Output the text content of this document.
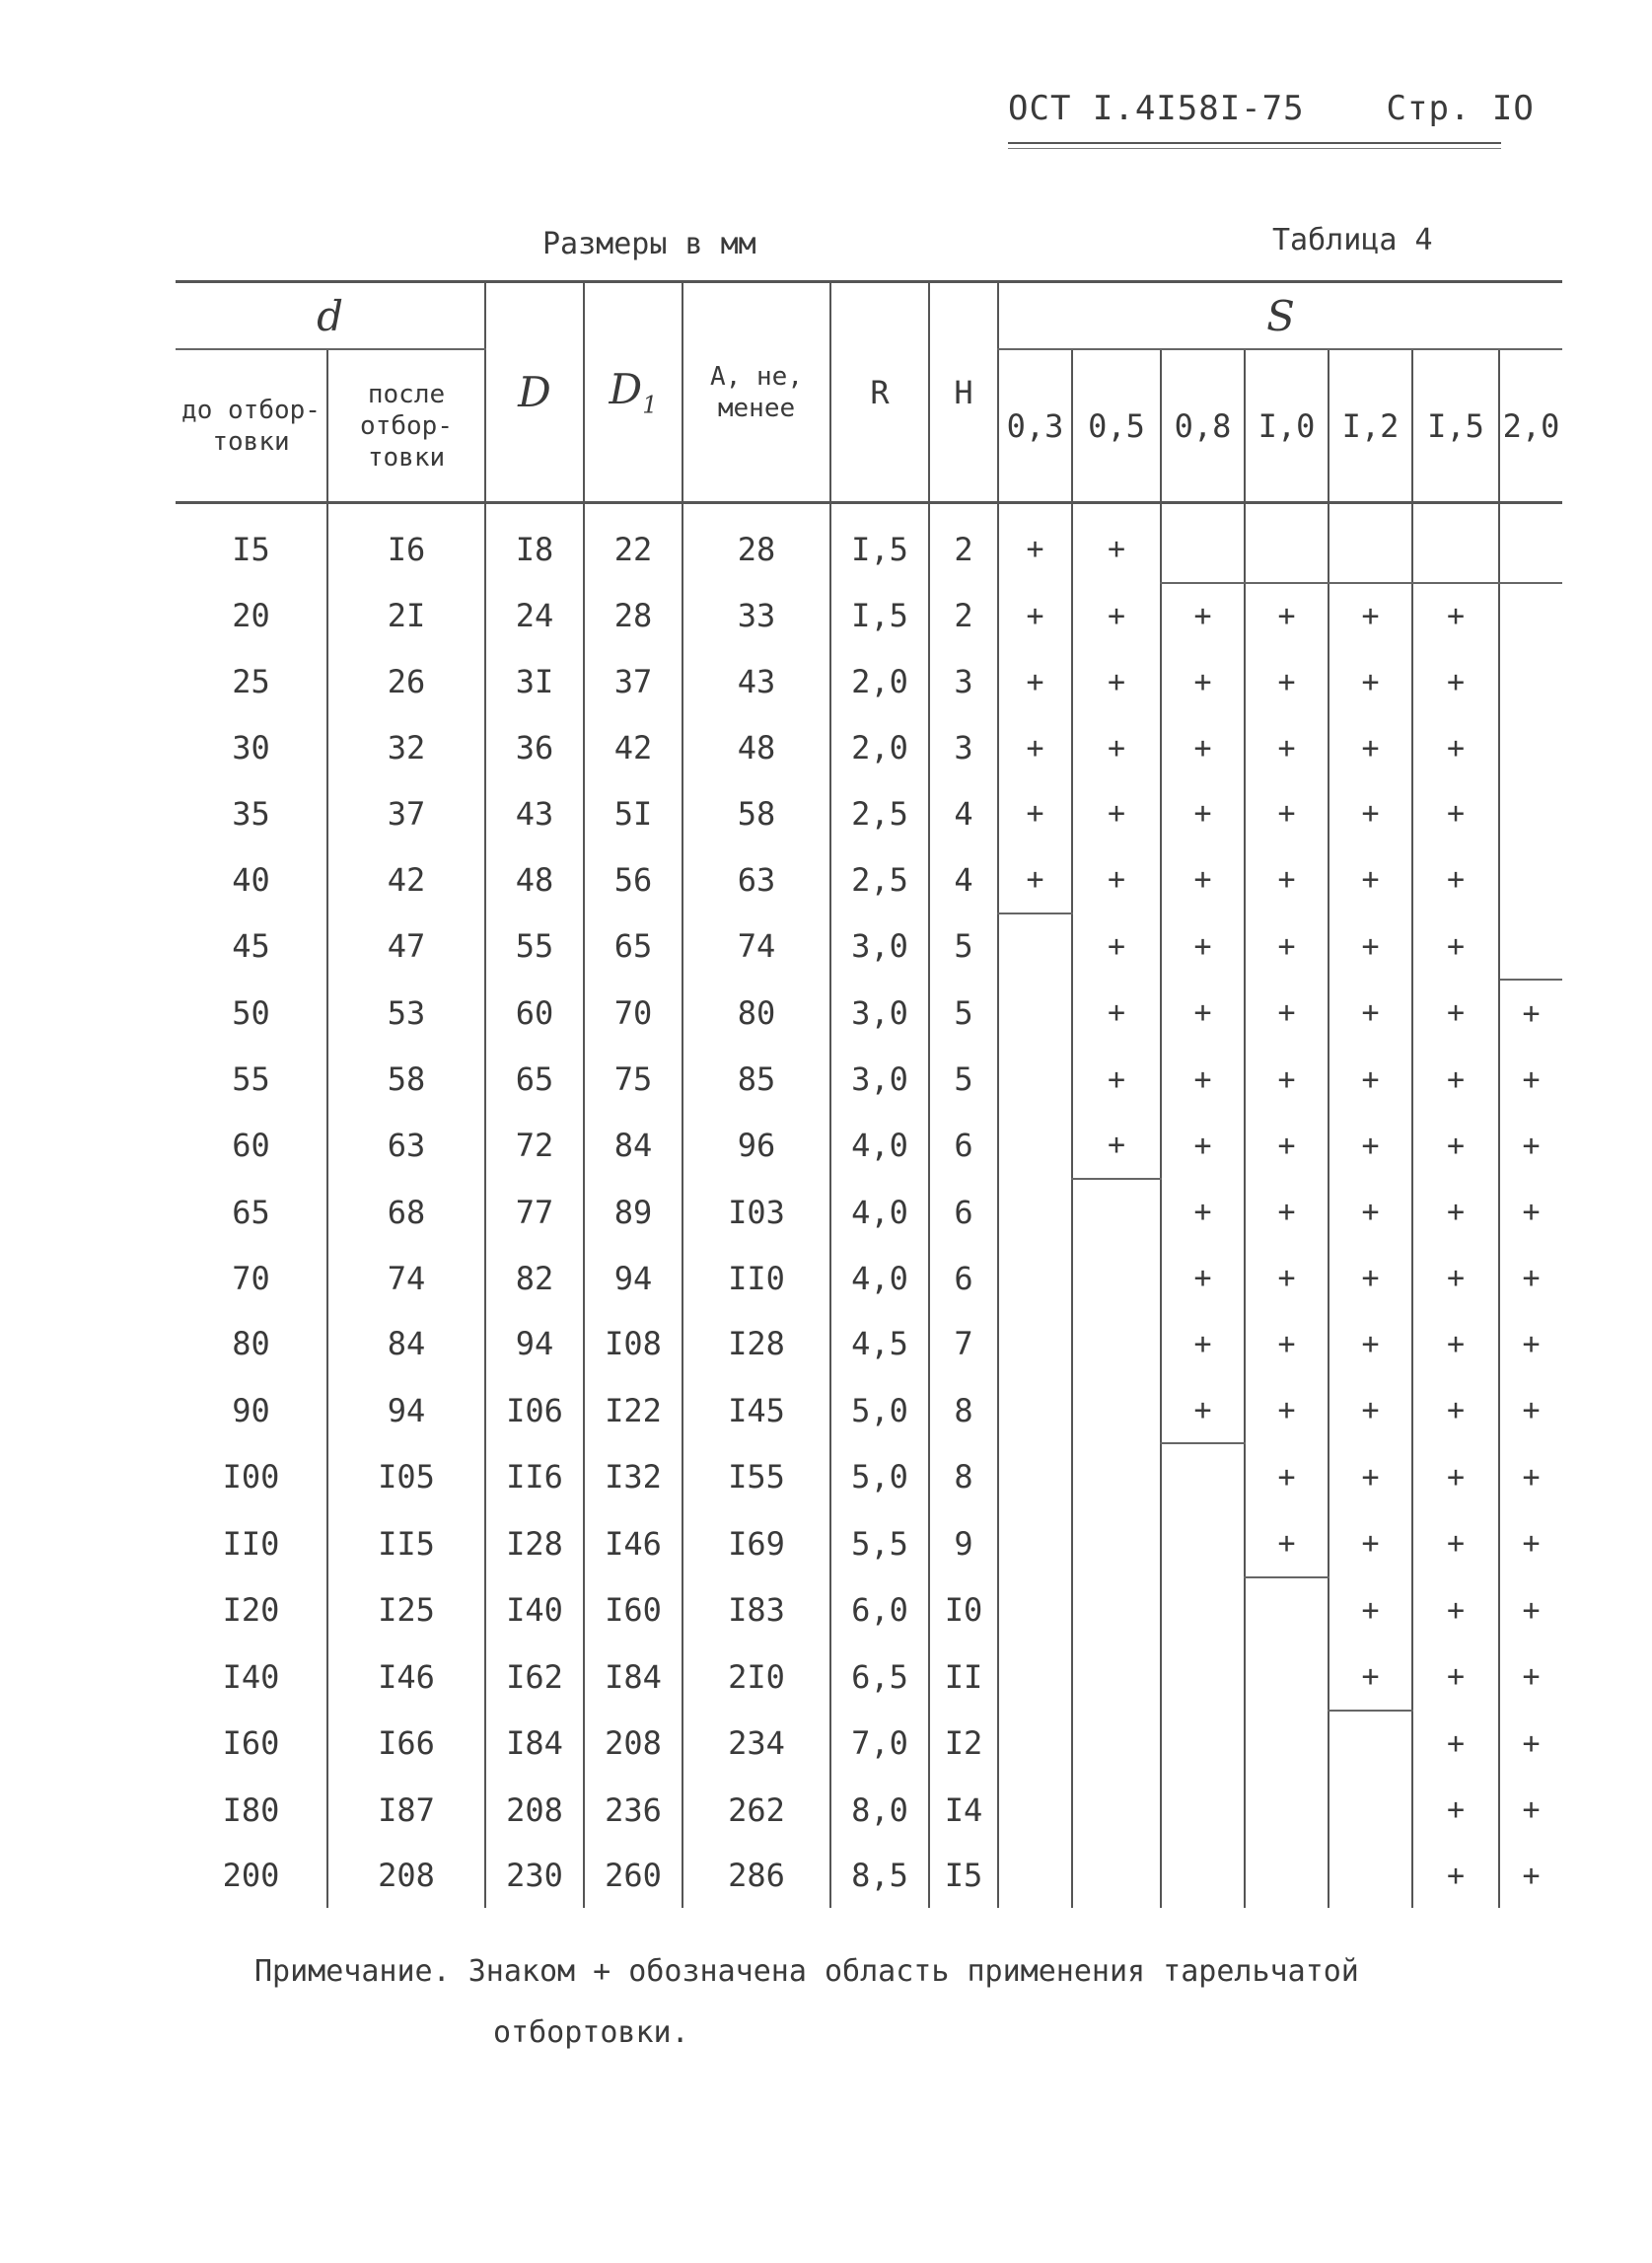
ОСТ I.4I58I-75 Стр. IO
Размеры в мм	Таблица 4
d		D	$D_1$	A, не, менее	R	H	S						
до отбор- товки	после отбор- товки						0,3	0,5	0,8	I,0	I,2	I,5	2,0
I5	I6	I8	22	28	I,5	2	+	+					
20	2I	24	28	33	I,5	2	+	+	+	+	+	+	
25	26	3I	37	43	2,0	3	+	+	+	+	+	+	
30	32	36	42	48	2,0	3	+	+	+	+	+	+	
35	37	43	5I	58	2,5	4	+	+	+	+	+	+	
40	42	48	56	63	2,5	4	+	+	+	+	+	+	
45	47	55	65	74	3,0	5		+	+	+	+	+	
50	53	60	70	80	3,0	5		+	+	+	+	+	+
55	58	65	75	85	3,0	5		+	+	+	+	+	+
60	63	72	84	96	4,0	6		+	+	+	+	+	+
65	68	77	89	I03	4,0	6			+	+	+	+	+
70	74	82	94	II0	4,0	6			+	+	+	+	+
80	84	94	I08	I28	4,5	7			+	+	+	+	+
90	94	I06	I22	I45	5,0	8			+	+	+	+	+
I00	I05	II6	I32	I55	5,0	8				+	+	+	+
II0	II5	I28	I46	I69	5,5	9				+	+	+	+
I20	I25	I40	I60	I83	6,0	I0					+	+	+
I40	I46	I62	I84	2I0	6,5	II					+	+	+
I60	I66	I84	208	234	7,0	I2						+	+
I80	I87	208	236	262	8,0	I4						+	+
200	208	230	260	286	8,5	I5						+	+
Примечание. Знаком + обозначена область применения тарельчатой
отбортовки.
